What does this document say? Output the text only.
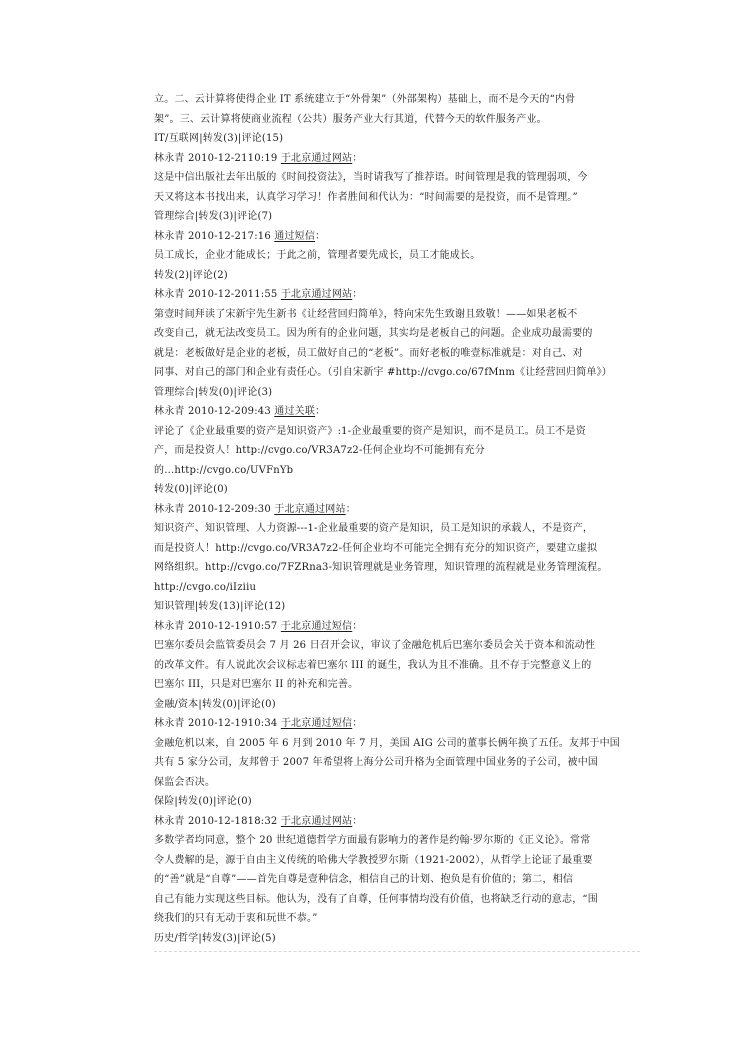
立。二、云计算将使得企业 IT 系统建立于“外骨架”（外部架构）基础上，而不是今天的“内骨
架”。三、云计算将使商业流程（公共）服务产业大行其道，代替今天的软件服务产业。
IT/互联网|转发(3)|评论(15)
林永青 2010-12-2110:19 于北京通过网站：
这是中信出版社去年出版的《时间投资法》，当时请我写了推荐语。时间管理是我的管理弱项，今
天又将这本书找出来，认真学习学习！作者胜间和代认为：“时间需要的是投资，而不是管理。”
管理综合|转发(3)|评论(7)
林永青 2010-12-217:16 通过短信：
员工成长，企业才能成长；于此之前，管理者要先成长，员工才能成长。
转发(2)|评论(2)
林永青 2010-12-2011:55 于北京通过网站：
第壹时间拜读了宋新宇先生新书《让经营回归简单》，特向宋先生致谢且致敬！——如果老板不
改变自己，就无法改变员工。因为所有的企业问题，其实均是老板自己的问题。企业成功最需要的
就是：老板做好是企业的老板，员工做好自己的“老板”。而好老板的唯壹标准就是：对自己、对
同事、对自己的部门和企业有责任心。（引自宋新宇 #http://cvgo.co/67fMnm《让经营回归简单》）
管理综合|转发(0)|评论(3)
林永青 2010-12-209:43 通过关联：
评论了《企业最重要的资产是知识资产》:1-企业最重要的资产是知识，而不是员工。员工不是资
产，而是投资人！http://cvgo.co/VR3A7z2-任何企业均不可能拥有充分
的…http://cvgo.co/UVFnYb
转发(0)|评论(0)
林永青 2010-12-209:30 于北京通过网站：
知识资产、知识管理、人力资源---1-企业最重要的资产是知识，员工是知识的承载人，不是资产，
而是投资人！http://cvgo.co/VR3A7z2-任何企业均不可能完全拥有充分的知识资产，要建立虚拟
网络组织。http://cvgo.co/7FZRna3-知识管理就是业务管理，知识管理的流程就是业务管理流程。
http://cvgo.co/iIziiu
知识管理|转发(13)|评论(12)
林永青 2010-12-1910:57 于北京通过短信：
巴塞尔委员会监管委员会 7 月 26 日召开会议，审议了金融危机后巴塞尔委员会关于资本和流动性
的改革文件。有人说此次会议标志着巴塞尔 III 的诞生，我认为且不准确。且不存于完整意义上的
巴塞尔 III，只是对巴塞尔 II 的补充和完善。
金融/资本|转发(0)|评论(0)
林永青 2010-12-1910:34 于北京通过短信：
金融危机以来，自 2005 年 6 月到 2010 年 7 月，美国 AIG 公司的董事长俩年换了五任。友邦于中国
共有 5 家分公司，友邦曾于 2007 年希望将上海分公司升格为全面管理中国业务的子公司，被中国
保监会否决。
保险|转发(0)|评论(0)
林永青 2010-12-1818:32 于北京通过网站：
多数学者均同意，整个 20 世纪道德哲学方面最有影响力的著作是约翰·罗尔斯的《正义论》。常常
令人费解的是，源于自由主义传统的哈佛大学教授罗尔斯（1921-2002），从哲学上论证了最重要
的“善”就是“自尊”——首先自尊是壹种信念，相信自己的计划、抱负是有价值的；第二，相信
自己有能力实现这些目标。他认为，没有了自尊，任何事情均没有价值，也将缺乏行动的意志，“围
绕我们的只有无动于衷和玩世不恭。”
历史/哲学|转发(3)|评论(5)
